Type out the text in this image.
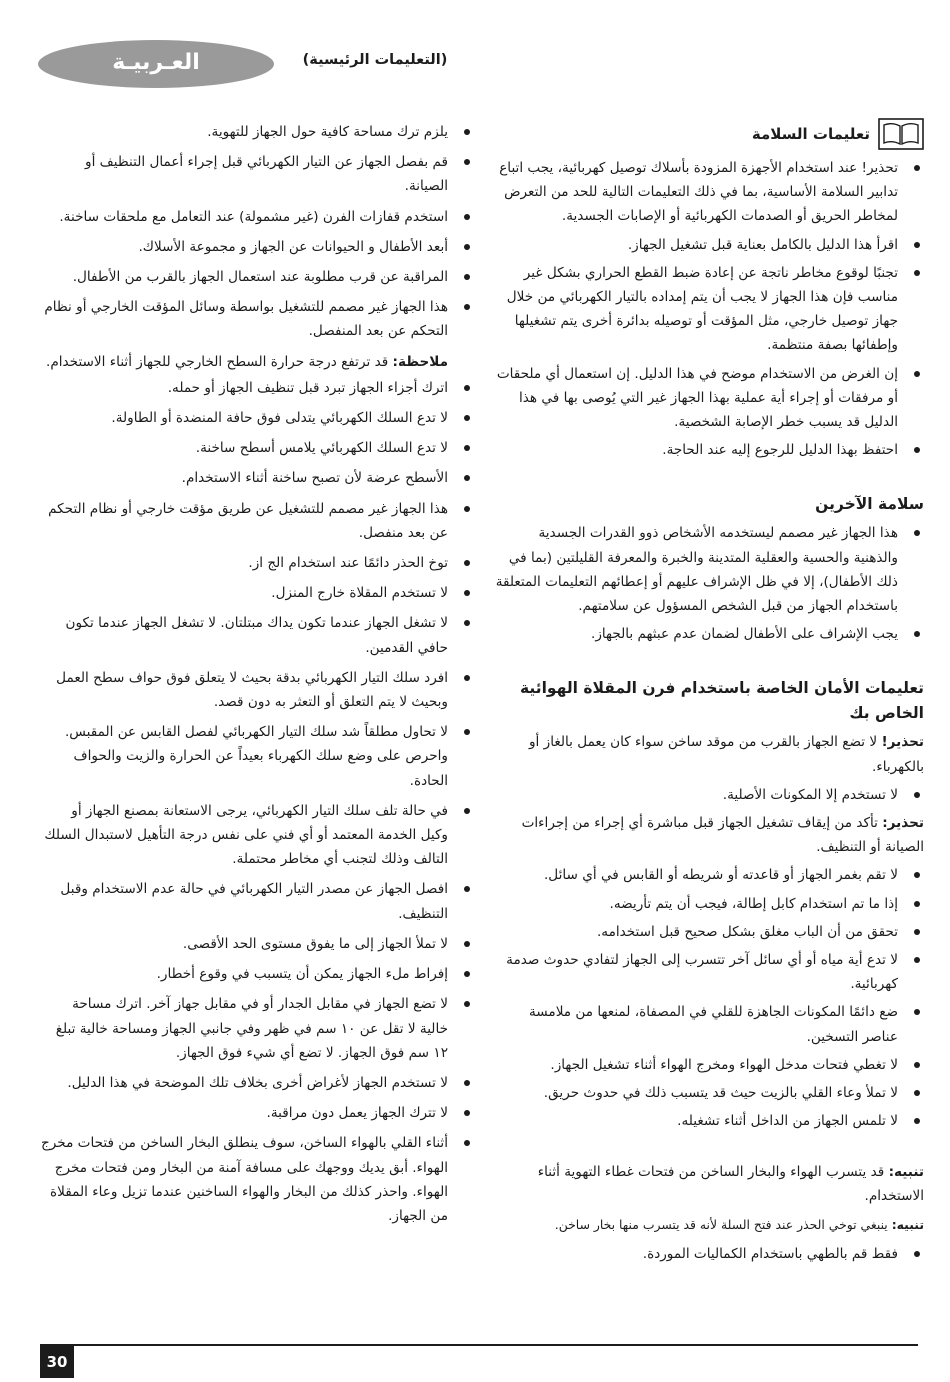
العـربيـة	(التعليمات الرئيسية)
تعليمات السلامة
تحذير! عند استخدام الأجهزة المزودة بأسلاك توصيل كهربائية، يجب اتباع تدابير السلامة الأساسية، بما في ذلك التعليمات التالية للحد من التعرض لمخاطر الحريق أو الصدمات الكهربائية أو الإصابات الجسدية.
اقرأ هذا الدليل بالكامل بعناية قبل تشغيل الجهاز.
تجنبًا لوقوع مخاطر ناتجة عن إعادة ضبط القطع الحراري بشكل غير مناسب فإن هذا الجهاز لا يجب أن يتم إمداده بالتيار الكهربائي من خلال جهاز توصيل خارجي، مثل المؤقت أو توصيله بدائرة أخرى يتم تشغيلها وإطفائها بصفة منتظمة.
إن الغرض من الاستخدام موضح في هذا الدليل. إن استعمال أي ملحقات أو مرفقات أو إجراء أية عملية بهذا الجهاز غير التي يُوصى بها في هذا الدليل قد يسبب خطر الإصابة الشخصية.
احتفظ بهذا الدليل للرجوع إليه عند الحاجة.
سلامة الآخرين
هذا الجهاز غير مصمم ليستخدمه الأشخاص ذوو القدرات الجسدية والذهنية والحسية والعقلية المتدينة والخبرة والمعرفة القليلتين (بما في ذلك الأطفال)، إلا في ظل الإشراف عليهم أو إعطائهم التعليمات المتعلقة باستخدام الجهاز من قبل الشخص المسؤول عن سلامتهم.
يجب الإشراف على الأطفال لضمان عدم عبثهم بالجهاز.
تعليمات الأمان الخاصة باستخدام فرن المقلاة الهوائية الخاص بك
تحذير! لا تضع الجهاز بالقرب من موقد ساخن سواء كان يعمل بالغاز أو بالكهرباء.
لا تستخدم إلا المكونات الأصلية.
تحذير: تأكد من إيقاف تشغيل الجهاز قبل مباشرة أي إجراء من إجراءات الصيانة أو التنظيف.
لا تقم بغمر الجهاز أو قاعدته أو شريطه أو القابس في أي سائل.
إذا ما تم استخدام كابل إطالة، فيجب أن يتم تأريضه.
تحقق من أن الباب مغلق بشكل صحيح قبل استخدامه.
لا تدع أية مياه أو أي سائل آخر تتسرب إلى الجهاز لتفادي حدوث صدمة كهربائية.
ضع دائمًا المكونات الجاهزة للقلي في المصفاة، لمنعها من ملامسة عناصر التسخين.
لا تغطي فتحات مدخل الهواء ومخرج الهواء أثناء تشغيل الجهاز.
لا تملأ وعاء القلي بالزيت حيث قد يتسبب ذلك في حدوث حريق.
لا تلمس الجهاز من الداخل أثناء تشغيله.
تنبيه: قد يتسرب الهواء والبخار الساخن من فتحات غطاء التهوية أثناء الاستخدام.
تنبيه: ينبغي توخي الحذر عند فتح السلة لأنه قد يتسرب منها بخار ساخن.
فقط قم بالطهي باستخدام الكماليات الموردة.
يلزم ترك مساحة كافية حول الجهاز للتهوية.
قم بفصل الجهاز عن التيار الكهربائي قبل إجراء أعمال التنظيف أو الصيانة.
استخدم قفازات الفرن (غير مشمولة) عند التعامل مع ملحقات ساخنة.
أبعد الأطفال و الحيوانات عن الجهاز و مجموعة الأسلاك.
المراقبة عن قرب مطلوبة عند استعمال الجهاز بالقرب من الأطفال.
هذا الجهاز غير مصمم للتشغيل بواسطة وسائل المؤقت الخارجي أو نظام التحكم عن بعد المنفصل.
ملاحظة: قد ترتفع درجة حرارة السطح الخارجي للجهاز أثناء الاستخدام.
اترك أجزاء الجهاز تبرد قبل تنظيف الجهاز أو حمله.
لا تدع السلك الكهربائي يتدلى فوق حافة المنضدة أو الطاولة.
لا تدع السلك الكهربائي يلامس أسطح ساخنة.
الأسطح عرضة لأن تصبح ساخنة أثناء الاستخدام.
هذا الجهاز غير مصمم للتشغيل عن طريق مؤقت خارجي أو نظام التحكم عن بعد منفصل.
توخ الحذر دائمًا عند استخدام الج از.
لا تستخدم المقلاة خارج المنزل.
لا تشغل الجهاز عندما تكون يداك مبتلتان. لا تشغل الجهاز عندما تكون حافي القدمين.
افرد سلك التيار الكهربائي بدقة بحيث لا يتعلق فوق حواف سطح العمل وبحيث لا يتم التعلق أو التعثر به دون قصد.
لا تحاول مطلقاً شد سلك التيار الكهربائي لفصل القابس عن المقبس. واحرص على وضع سلك الكهرباء بعيداً عن الحرارة والزيت والحواف الحادة.
في حالة تلف سلك التيار الكهربائي، يرجى الاستعانة بمصنع الجهاز أو وكيل الخدمة المعتمد أو أي فني على نفس درجة التأهيل لاستبدال السلك التالف وذلك لتجنب أي مخاطر محتملة.
افصل الجهاز عن مصدر التيار الكهربائي في حالة عدم الاستخدام وقبل التنظيف.
لا تملأ الجهاز إلى ما يفوق مستوى الحد الأقصى.
إفراط ملء الجهاز يمكن أن يتسبب في وقوع أخطار.
لا تضع الجهاز في مقابل الجدار أو في مقابل جهاز آخر. اترك مساحة خالية لا تقل عن ١٠ سم في ظهر وفي جانبي الجهاز ومساحة خالية تبلغ ١٢ سم فوق الجهاز. لا تضع أي شيء فوق الجهاز.
لا تستخدم الجهاز لأغراض أخرى بخلاف تلك الموضحة في هذا الدليل.
لا تترك الجهاز يعمل دون مراقبة.
أثناء القلي بالهواء الساخن، سوف ينطلق البخار الساخن من فتحات مخرج الهواء. أبق يديك ووجهك على مسافة آمنة من البخار ومن فتحات مخرج الهواء. واحذر كذلك من البخار والهواء الساخنين عندما تزيل وعاء المقلاة من الجهاز.
30
